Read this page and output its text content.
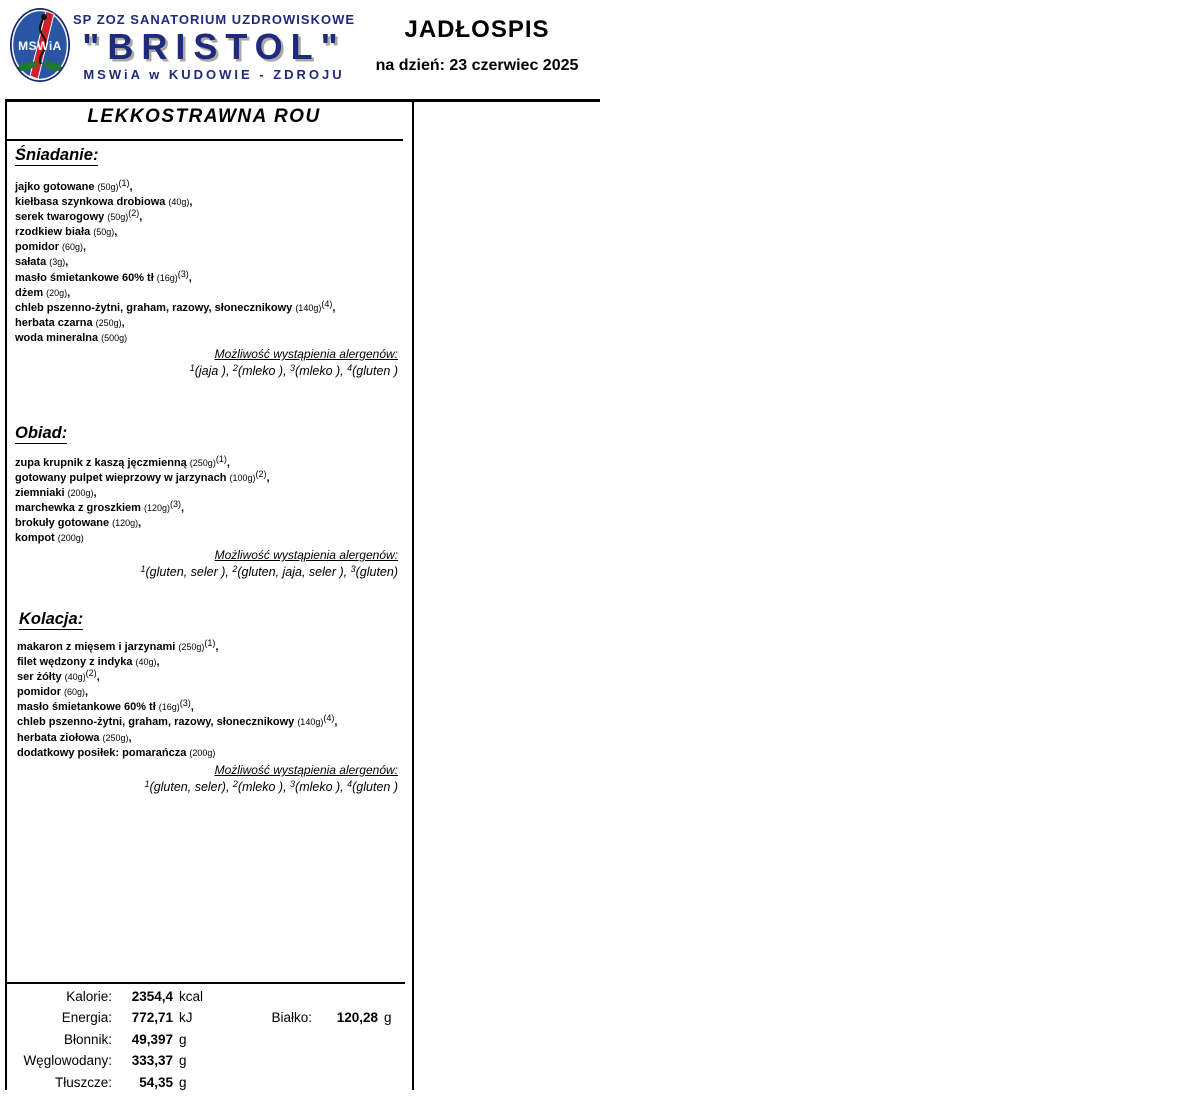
MSWiA
SP ZOZ SANATORIUM UZDROWISKOWE
"BRISTOL"
MSWiA w KUDOWIE - ZDROJU
JADŁOSPIS
na dzień: 23 czerwiec 2025
LEKKOSTRAWNA ROU
Śniadanie:
jajko gotowane (50g)$^{(1)}$,
kiełbasa szynkowa drobiowa (40g),
serek twarogowy (50g)$^{(2)}$,
rzodkiew biała (50g),
pomidor (60g),
sałata (3g),
masło śmietankowe 60% tł (16g)$^{(3)}$,
dżem (20g),
chleb pszenno-żytni, graham, razowy, słonecznikowy (140g)$^{(4)}$,
herbata czarna (250g),
woda mineralna (500g)
Możliwość wystąpienia alergenów:
$^1$(jaja ), $^2$(mleko ), $^3$(mleko ), $^4$(gluten )
Obiad:
zupa krupnik z kaszą jęczmienną (250g)$^{(1)}$,
gotowany pulpet wieprzowy w jarzynach (100g)$^{(2)}$,
ziemniaki (200g),
marchewka z groszkiem (120g)$^{(3)}$,
brokuły gotowane (120g),
kompot (200g)
Możliwość wystąpienia alergenów:
$^1$(gluten, seler ), $^2$(gluten, jaja, seler ), $^3$(gluten)
Kolacja:
makaron z mięsem i jarzynami (250g)$^{(1)}$,
filet wędzony z indyka (40g),
ser żółty (40g)$^{(2)}$,
pomidor (60g),
masło śmietankowe 60% tł (16g)$^{(3)}$,
chleb pszenno-żytni, graham, razowy, słonecznikowy (140g)$^{(4)}$,
herbata ziołowa (250g),
dodatkowy posiłek: pomarańcza (200g)
Możliwość wystąpienia alergenów:
$^1$(gluten, seler), $^2$(mleko ), $^3$(mleko ), $^4$(gluten )
Kalorie:	2354,4 kcal
Energia:	772,71 kJ
Błonnik:	49,397 g
Węglowodany:	333,37 g
Tłuszcze:	54,35 g
Białko:	120,28 g
